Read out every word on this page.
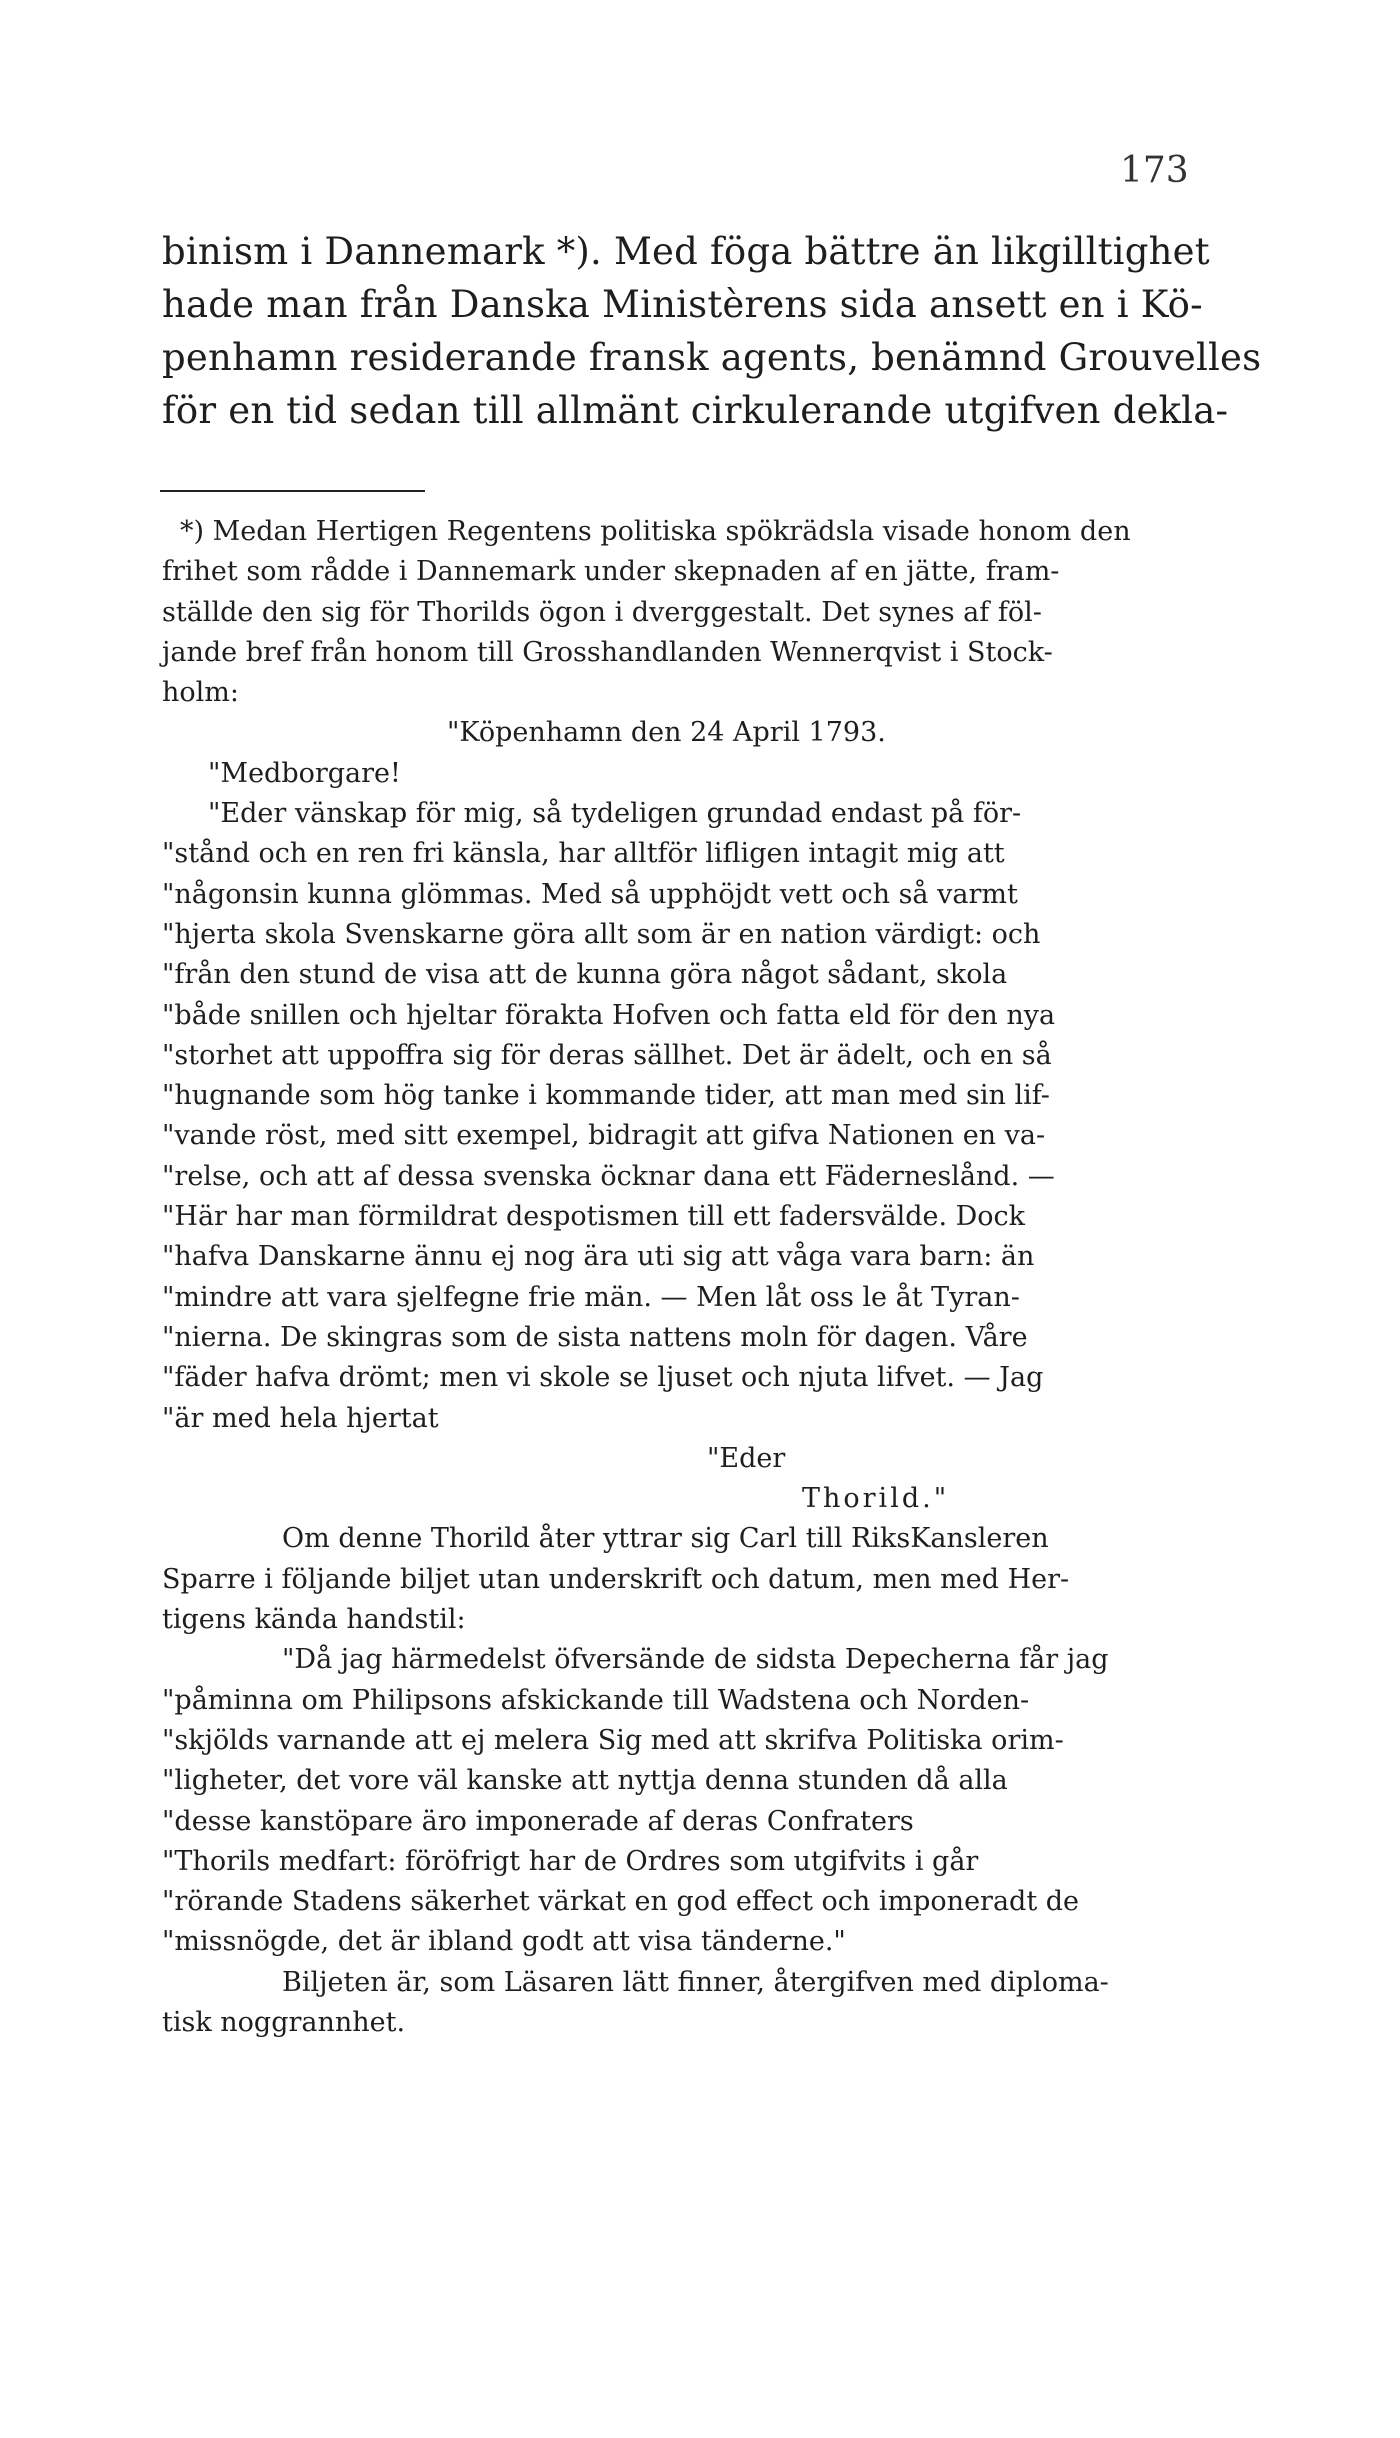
173
binism i Dannemark *). Med föga bättre än likgilltighet
hade man från Danska Ministèrens sida ansett en i Kö-
penhamn residerande fransk agents, benämnd Grouvelles
för en tid sedan till allmänt cirkulerande utgifven dekla-
*) Medan Hertigen Regentens politiska spökrädsla visade honom den
frihet som rådde i Dannemark under skepnaden af en jätte, fram-
ställde den sig för Thorilds ögon i dverggestalt. Det synes af föl-
jande bref från honom till Grosshandlanden Wennerqvist i Stock-
holm:
"Köpenhamn den 24 April 1793.
"Medborgare!
"Eder vänskap för mig, så tydeligen grundad endast på för-
"stånd och en ren fri känsla, har alltför lifligen intagit mig att
"någonsin kunna glömmas. Med så upphöjdt vett och så varmt
"hjerta skola Svenskarne göra allt som är en nation värdigt: och
"från den stund de visa att de kunna göra något sådant, skola
"både snillen och hjeltar förakta Hofven och fatta eld för den nya
"storhet att uppoffra sig för deras sällhet. Det är ädelt, och en så
"hugnande som hög tanke i kommande tider, att man med sin lif-
"vande röst, med sitt exempel, bidragit att gifva Nationen en va-
"relse, och att af dessa svenska öcknar dana ett Fäderneslånd. —
"Här har man förmildrat despotismen till ett fadersvälde. Dock
"hafva Danskarne ännu ej nog ära uti sig att våga vara barn: än
"mindre att vara sjelfegne frie män. — Men låt oss le åt Tyran-
"nierna. De skingras som de sista nattens moln för dagen. Våre
"fäder hafva drömt; men vi skole se ljuset och njuta lifvet. — Jag
"är med hela hjertat
"Eder
Thorild."
Om denne Thorild åter yttrar sig Carl till RiksKansleren
Sparre i följande biljet utan underskrift och datum, men med Her-
tigens kända handstil:
"Då jag härmedelst öfversände de sidsta Depecherna får jag
"påminna om Philipsons afskickande till Wadstena och Norden-
"skjölds varnande att ej melera Sig med att skrifva Politiska orim-
"ligheter, det vore väl kanske att nyttja denna stunden då alla
"desse kanstöpare äro imponerade af deras Confraters
"Thorils medfart: föröfrigt har de Ordres som utgifvits i går
"rörande Stadens säkerhet värkat en god effect och imponeradt de
"missnögde, det är ibland godt att visa tänderne."
Biljeten är, som Läsaren lätt finner, återgifven med diploma-
tisk noggrannhet.
